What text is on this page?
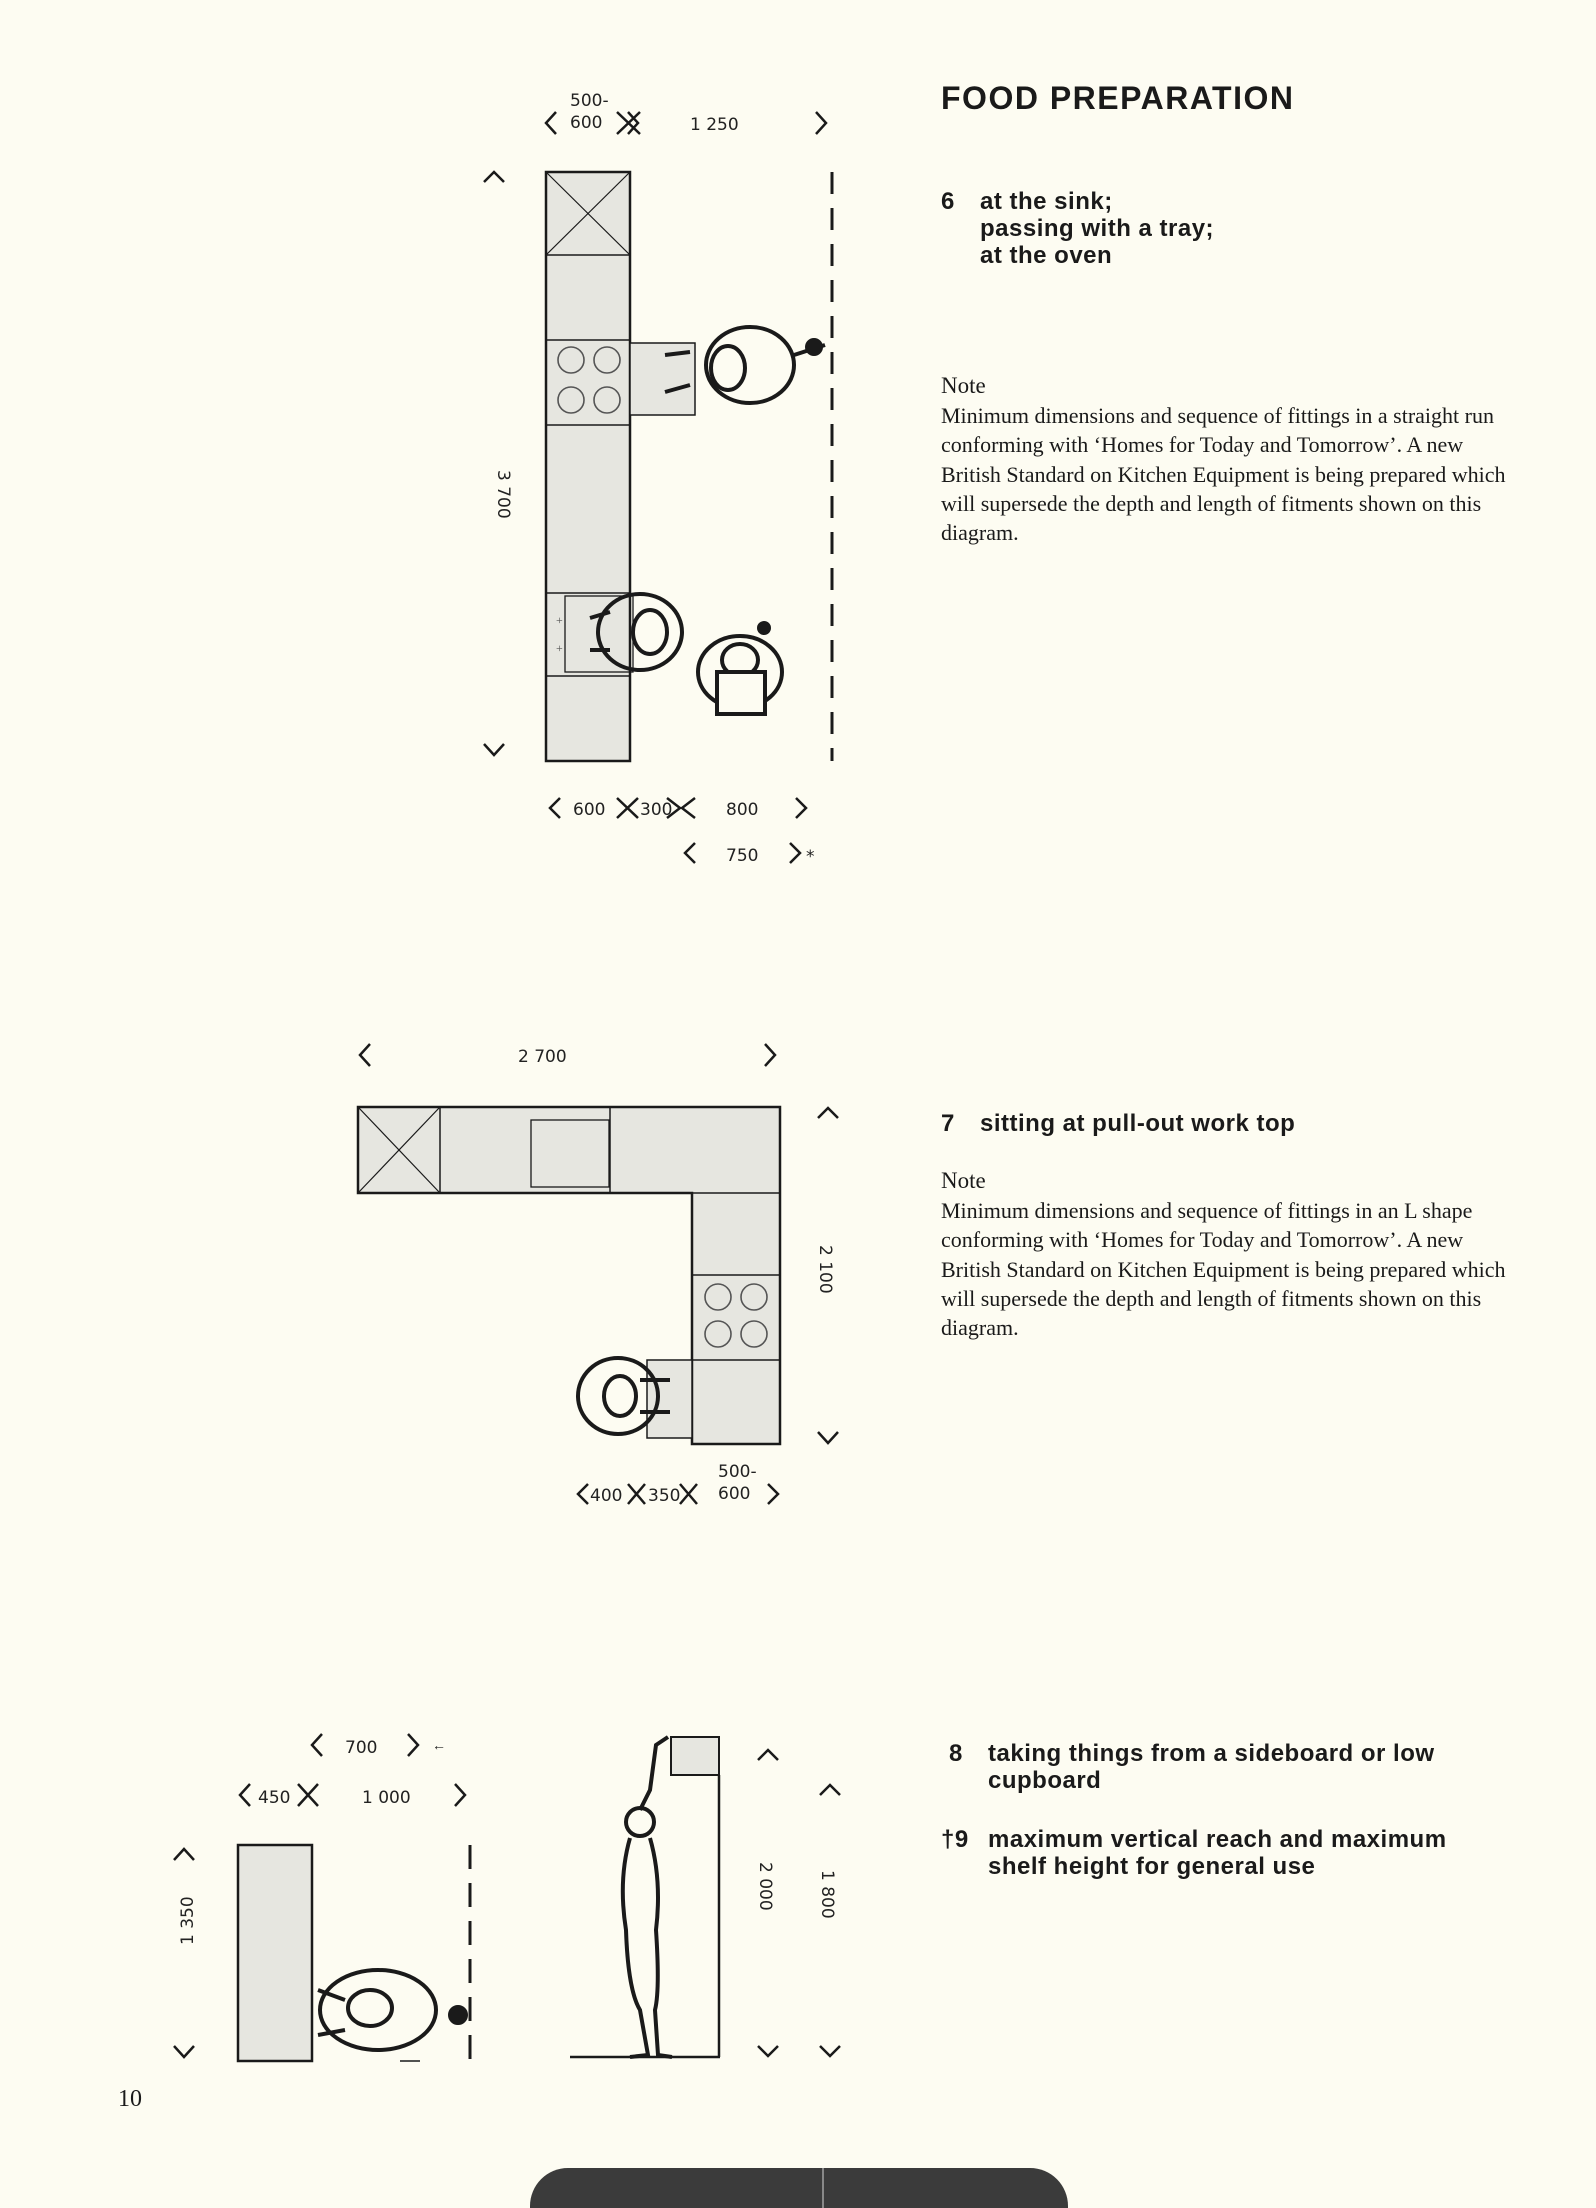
FOOD PREPARATION
6 at the sink;
passing with a tray;
at the oven
Note
Minimum dimensions and sequence of fittings in a straight run conforming with ‘Homes for Today and Tomorrow’. A new British Standard on Kitchen Equipment is being prepared which will supersede the depth and length of fitments shown on this diagram.
7 sitting at pull-out work top
Note
Minimum dimensions and sequence of fittings in an L shape conforming with ‘Homes for Today and Tomorrow’. A new British Standard on Kitchen Equipment is being prepared which will supersede the depth and length of fitments shown on this diagram.
8 taking things from a sideboard or low
cupboard
†9 maximum vertical reach and maximum
shelf height for general use
10
+
+
500-600	1 250
3 700
600 300	800
750	*
2 700
2 100
400 350
500-600
700	←
450	1 000
1 350
2 000 1 800
